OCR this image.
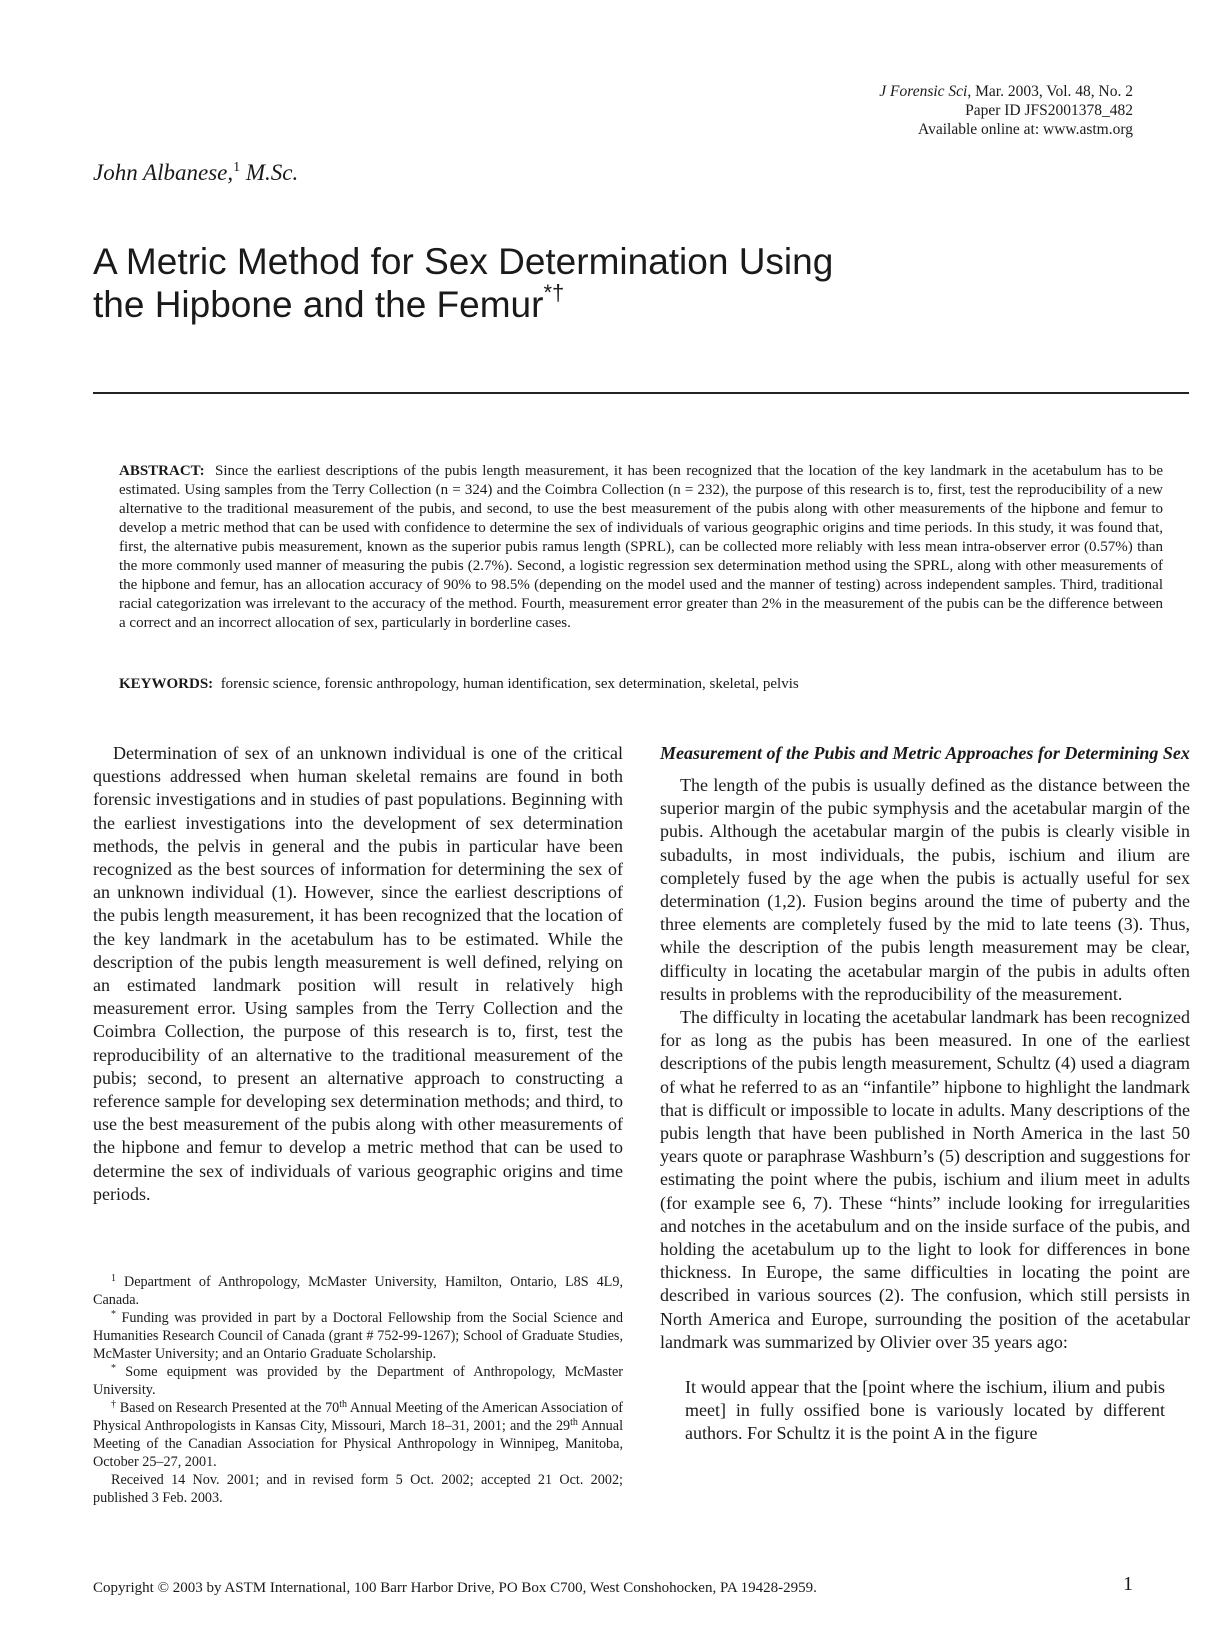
J Forensic Sci, Mar. 2003, Vol. 48, No. 2
Paper ID JFS2001378_482
Available online at: www.astm.org
John Albanese,$^1$ M.Sc.
A Metric Method for Sex Determination Using
the Hipbone and the Femur*†

ABSTRACT: Since the earliest descriptions of the pubis length measurement, it has been recognized that the location of the key landmark in the acetabulum has to be estimated. Using samples from the Terry Collection (n = 324) and the Coimbra Collection (n = 232), the purpose of this research is to, first, test the reproducibility of a new alternative to the traditional measurement of the pubis, and second, to use the best measurement of the pubis along with other measurements of the hipbone and femur to develop a metric method that can be used with confidence to determine the sex of individuals of various geographic origins and time periods. In this study, it was found that, first, the alternative pubis measurement, known as the superior pubis ramus length (SPRL), can be collected more reliably with less mean intra-observer error (0.57%) than the more commonly used manner of measuring the pubis (2.7%). Second, a logistic regression sex determination method using the SPRL, along with other measurements of the hipbone and femur, has an allocation accuracy of 90% to 98.5% (depending on the model used and the manner of testing) across independent samples. Third, traditional racial categorization was irrelevant to the accuracy of the method. Fourth, measurement error greater than 2% in the measurement of the pubis can be the difference between a correct and an incorrect allocation of sex, particularly in borderline cases.

KEYWORDS: forensic science, forensic anthropology, human identification, sex determination, skeletal, pelvis

Determination of sex of an unknown individual is one of the critical questions addressed when human skeletal remains are found in both forensic investigations and in studies of past populations. Beginning with the earliest investigations into the development of sex determination methods, the pelvis in general and the pubis in particular have been recognized as the best sources of information for determining the sex of an unknown individual (1). However, since the earliest descriptions of the pubis length measurement, it has been recognized that the location of the key landmark in the acetabulum has to be estimated. While the description of the pubis length measurement is well defined, relying on an estimated landmark position will result in relatively high measurement error. Using samples from the Terry Collection and the Coimbra Collection, the purpose of this research is to, first, test the reproducibility of an alternative to the traditional measurement of the pubis; second, to present an alternative approach to constructing a reference sample for developing sex determination methods; and third, to use the best measurement of the pubis along with other measurements of the hipbone and femur to develop a metric method that can be used to determine the sex of individuals of various geographic origins and time periods.

$^1$ Department of Anthropology, McMaster University, Hamilton, Ontario, L8S 4L9, Canada.

* Funding was provided in part by a Doctoral Fellowship from the Social Science and Humanities Research Council of Canada (grant # 752-99-1267); School of Graduate Studies, McMaster University; and an Ontario Graduate Scholarship.

* Some equipment was provided by the Department of Anthropology, McMaster University.

† Based on Research Presented at the 70th Annual Meeting of the American Association of Physical Anthropologists in Kansas City, Missouri, March 18–31, 2001; and the 29th Annual Meeting of the Canadian Association for Physical Anthropology in Winnipeg, Manitoba, October 25–27, 2001.

Received 14 Nov. 2001; and in revised form 5 Oct. 2002; accepted 21 Oct. 2002; published 3 Feb. 2003.

Measurement of the Pubis and Metric Approaches for Determining Sex

The length of the pubis is usually defined as the distance between the superior margin of the pubic symphysis and the acetabular margin of the pubis. Although the acetabular margin of the pubis is clearly visible in subadults, in most individuals, the pubis, ischium and ilium are completely fused by the age when the pubis is actually useful for sex determination (1,2). Fusion begins around the time of puberty and the three elements are completely fused by the mid to late teens (3). Thus, while the description of the pubis length measurement may be clear, difficulty in locating the acetabular margin of the pubis in adults often results in problems with the reproducibility of the measurement.

The difficulty in locating the acetabular landmark has been recognized for as long as the pubis has been measured. In one of the earliest descriptions of the pubis length measurement, Schultz (4) used a diagram of what he referred to as an “infantile” hipbone to highlight the landmark that is difficult or impossible to locate in adults. Many descriptions of the pubis length that have been published in North America in the last 50 years quote or paraphrase Washburn’s (5) description and suggestions for estimating the point where the pubis, ischium and ilium meet in adults (for example see 6, 7). These “hints” include looking for irregularities and notches in the acetabulum and on the inside surface of the pubis, and holding the acetabulum up to the light to look for differences in bone thickness. In Europe, the same difficulties in locating the point are described in various sources (2). The confusion, which still persists in North America and Europe, surrounding the position of the acetabular landmark was summarized by Olivier over 35 years ago:

It would appear that the [point where the ischium, ilium and pubis meet] in fully ossified bone is variously located by different authors. For Schultz it is the point A in the figure

Copyright © 2003 by ASTM International, 100 Barr Harbor Drive, PO Box C700, West Conshohocken, PA 19428-2959.	1
